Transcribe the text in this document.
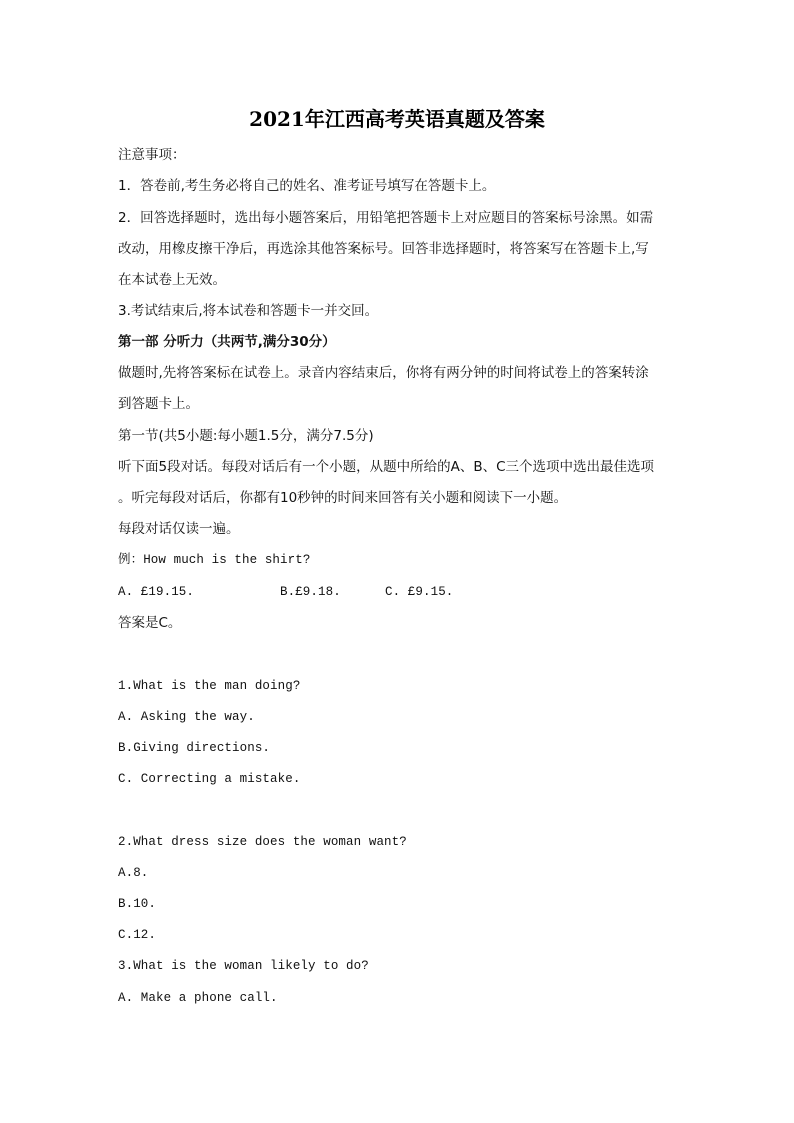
2021年江西高考英语真题及答案
注意事项：
1．答卷前,考生务必将自己的姓名、准考证号填写在答题卡上。
2．回答选择题时，选出每小题答案后，用铅笔把答题卡上对应题目的答案标号涂黑。如需
改动，用橡皮擦干净后，再选涂其他答案标号。回答非选择题时，将答案写在答题卡上,写
在本试卷上无效。
3.考试结束后,将本试卷和答题卡一并交回。
第一部 分听力（共两节,满分30分）
做题时,先将答案标在试卷上。录音内容结束后，你将有两分钟的时间将试卷上的答案转涂
到答题卡上。
第一节(共5小题:每小题1.5分，满分7.5分)
听下面5段对话。每段对话后有一个小题，从题中所给的A、B、C三个选项中选出最佳选项
。听完每段对话后，你都有10秒钟的时间来回答有关小题和阅读下一小题。
每段对话仅读一遍。
例：How much is the shirt?
A. £19.15.	B.£9.18.	C. £9.15.
答案是C。
1.What is the man doing?
A. Asking the way.
B.Giving directions.
C. Correcting a mistake.
2.What dress size does the woman want?
A.8.
B.10.
C.12.
3.What is the woman likely to do?
A. Make a phone call.
